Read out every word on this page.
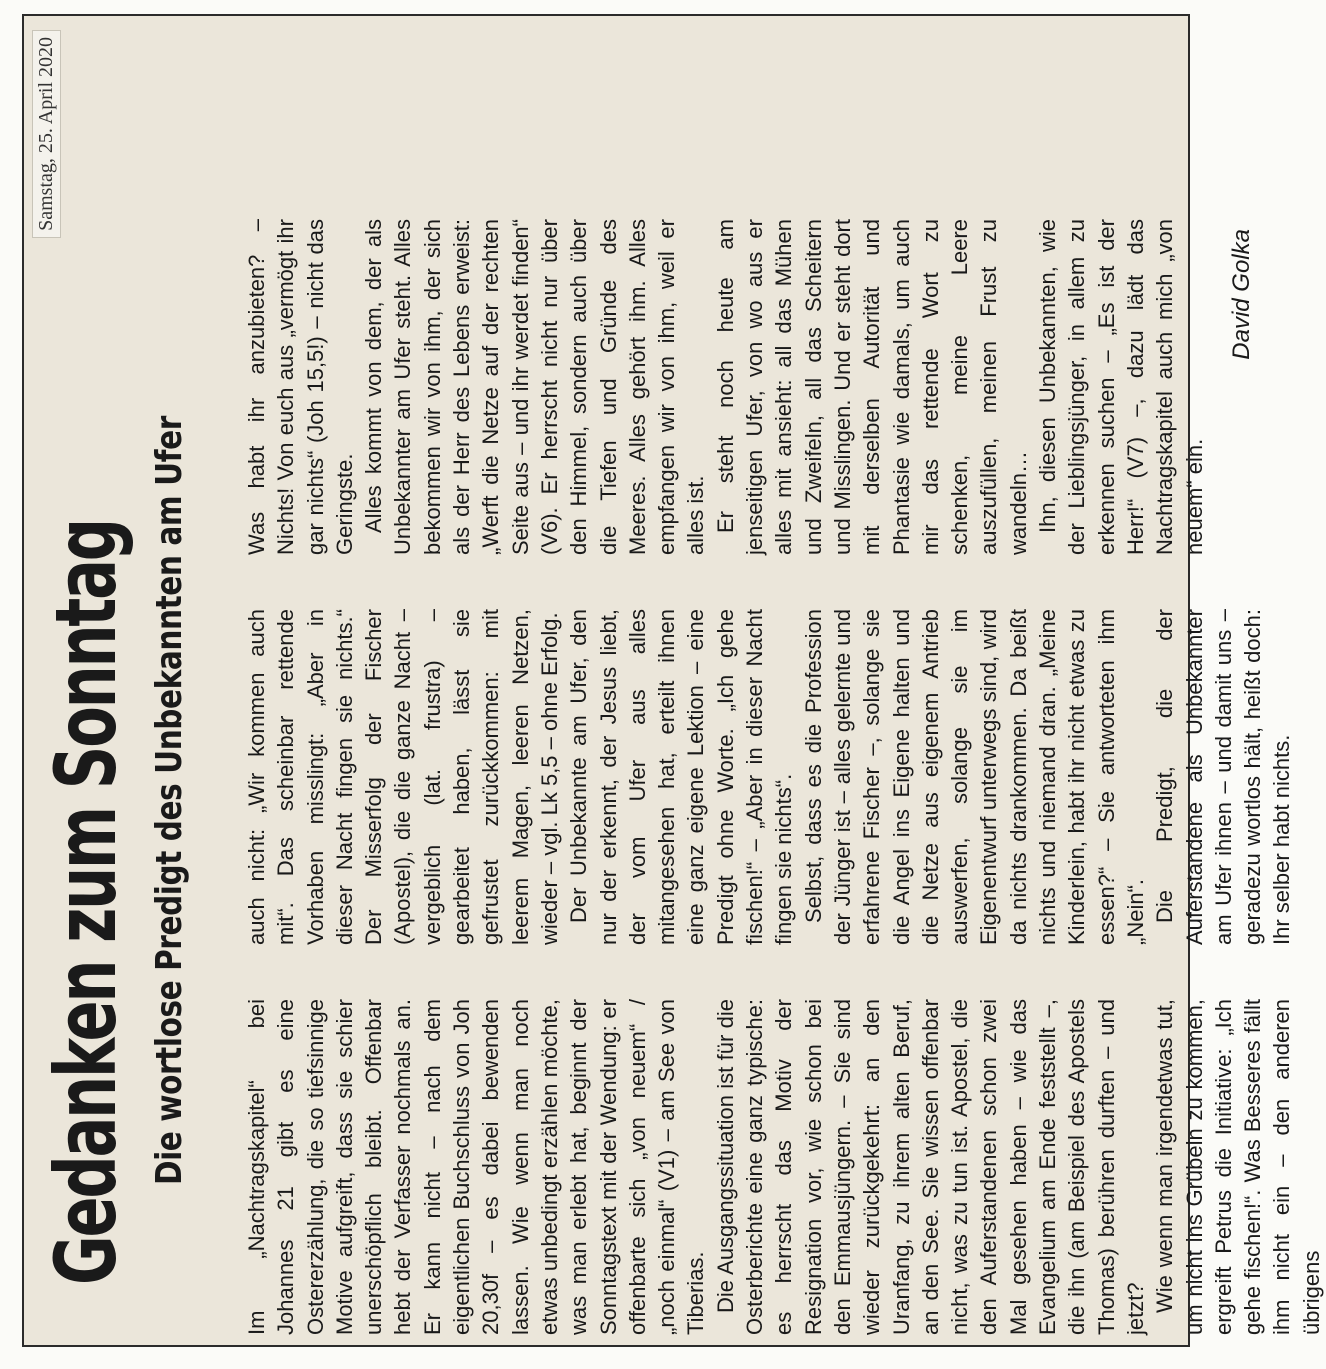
Samstag, 25. April 2020
Gedanken zum Sonntag Die wortlose Predigt des Unbekannten am Ufer Im „Nachtragskapitel“ bei Johannes 21 gibt es eine Ostererzählung, die so tiefsinnige Motive aufgreift, dass sie schier unerschöpflich bleibt. Offenbar hebt der Verfasser nochmals an. Er kann nicht – nach dem eigentlichen Buchschluss von Joh 20,30f – es dabei bewenden lassen. Wie wenn man noch etwas unbedingt erzählen möchte, was man erlebt hat, beginnt der Sonntagstext mit der Wendung: er offenbarte sich „von neuem“ / „noch einmal“ (V1) – am See von Tiberias. Die Ausgangssituation ist für die Osterberichte eine ganz typische: es herrscht das Motiv der Resignation vor, wie schon bei den Emmausjüngern. – Sie sind wieder zurückgekehrt: an den Uranfang, zu ihrem alten Beruf, an den See. Sie wissen offenbar nicht, was zu tun ist. Apostel, die den Auferstandenen schon zwei Mal gesehen haben – wie das Evangelium am Ende feststellt –, die ihn (am Beispiel des Apostels Thomas) berühren durften – und jetzt? Wie wenn man irgendetwas tut, um nicht ins Grübeln zu kommen, ergreift Petrus die Initiative: „Ich gehe fischen!“. Was Besseres fällt ihm nicht ein – den anderen übrigens

auch nicht: „Wir kommen auch mit“. Das scheinbar rettende Vorhaben misslingt: „Aber in dieser Nacht fingen sie nichts.“ Der Misserfolg der Fischer (Apostel), die die ganze Nacht – vergeblich (lat. frustra) – gearbeitet haben, lässt sie gefrustet zurückkommen: mit leerem Magen, leeren Netzen, wieder – vgl. Lk 5,5 – ohne Erfolg. Der Unbekannte am Ufer, den nur der erkennt, der Jesus liebt, der vom Ufer aus alles mitangesehen hat, erteilt ihnen eine ganz eigene Lektion – eine Predigt ohne Worte. „Ich gehe fischen!“ – „Aber in dieser Nacht fingen sie nichts“. Selbst, dass es die Profession der Jünger ist – alles gelernte und erfahrene Fischer –, solange sie die Angel ins Eigene halten und die Netze aus eigenem Antrieb auswerfen, solange sie im Eigenentwurf unterwegs sind, wird da nichts drankommen. Da beißt nichts und niemand dran. „Meine Kinderlein, habt ihr nicht etwas zu essen?“ – Sie antworteten ihm „Nein“. Die Predigt, die der Auferstandene als Unbekannter am Ufer ihnen – und damit uns – geradezu wortlos hält, heißt doch: Ihr selber habt nichts.

Was habt ihr anzubieten? – Nichts! Von euch aus „vermögt ihr gar nichts“ (Joh 15,5!) – nicht das Geringste. Alles kommt von dem, der als Unbekannter am Ufer steht. Alles bekommen wir von ihm, der sich als der Herr des Lebens erweist: „Werft die Netze auf der rechten Seite aus – und ihr werdet finden“ (V6). Er herrscht nicht nur über den Himmel, sondern auch über die Tiefen und Gründe des Meeres. Alles gehört ihm. Alles empfangen wir von ihm, weil er alles ist. Er steht noch heute am jenseitigen Ufer, von wo aus er alles mit ansieht: all das Mühen und Zweifeln, all das Scheitern und Misslingen. Und er steht dort mit derselben Autorität und Phantasie wie damals, um auch mir das rettende Wort zu schenken, meine Leere auszufüllen, meinen Frust zu wandeln… Ihn, diesen Unbekannten, wie der Lieblingsjünger, in allem zu erkennen suchen – „Es ist der Herr!“ (V7) –, dazu lädt das Nachtragskapitel auch mich „von neuem“ ein.

David Golka
